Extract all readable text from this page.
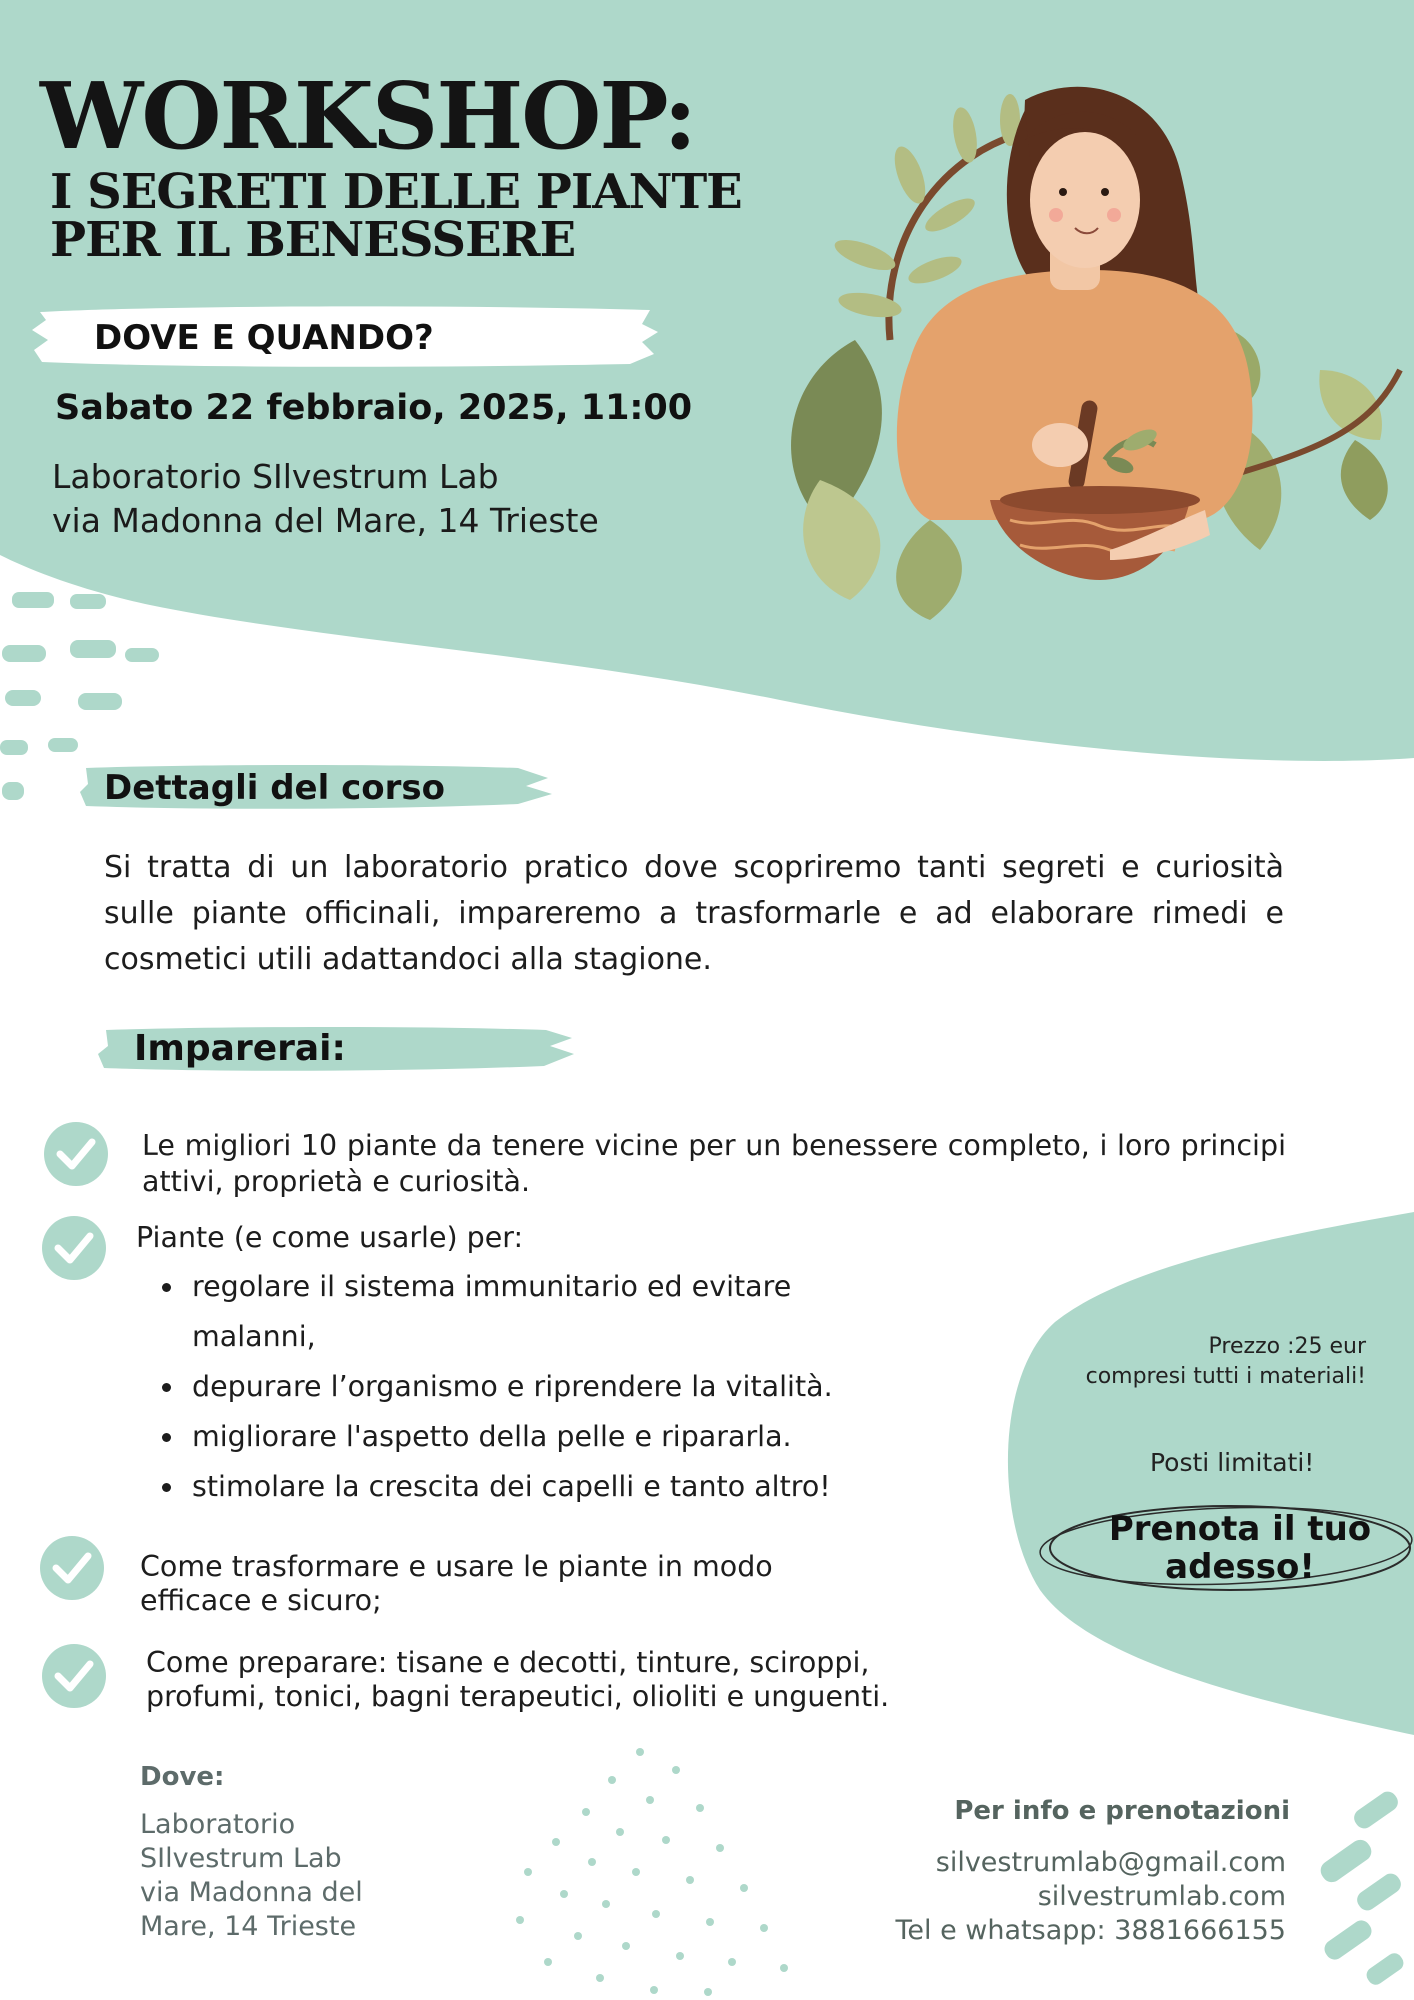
WORKSHOP:
I SEGRETI DELLE PIANTE
PER IL BENESSERE
DOVE E QUANDO?
Sabato 22 febbraio, 2025, 11:00
Laboratorio SIlvestrum Lab
via Madonna del Mare, 14 Trieste
Dettagli del corso
Si tratta di un laboratorio pratico dove scopriremo tanti segreti e curiosità sulle piante officinali, impareremo a trasformarle e ad elaborare rimedi e cosmetici utili adattandoci alla stagione.
Imparerai:
Le migliori 10 piante da tenere vicine per un benessere completo, i loro principi attivi, proprietà e curiosità.
Piante (e come usarle) per:
• regolare il sistema immunitario ed evitare malanni,
• depurare l’organismo e riprendere la vitalità.
• migliorare l'aspetto della pelle e ripararla.
• stimolare la crescita dei capelli e tanto altro!
Come trasformare e usare le piante in modo
efficace e sicuro;
Come preparare: tisane e decotti, tinture, sciroppi,
profumi, tonici, bagni terapeutici, olioliti e unguenti.
Prezzo :25 eur
compresi tutti i materiali!
Posti limitati!
Prenota il tuo
adesso!
Dove:
Laboratorio
SIlvestrum Lab
via Madonna del
Mare, 14 Trieste
Per info e prenotazioni
silvestrumlab@gmail.com
silvestrumlab.com
Tel e whatsapp: 3881666155
